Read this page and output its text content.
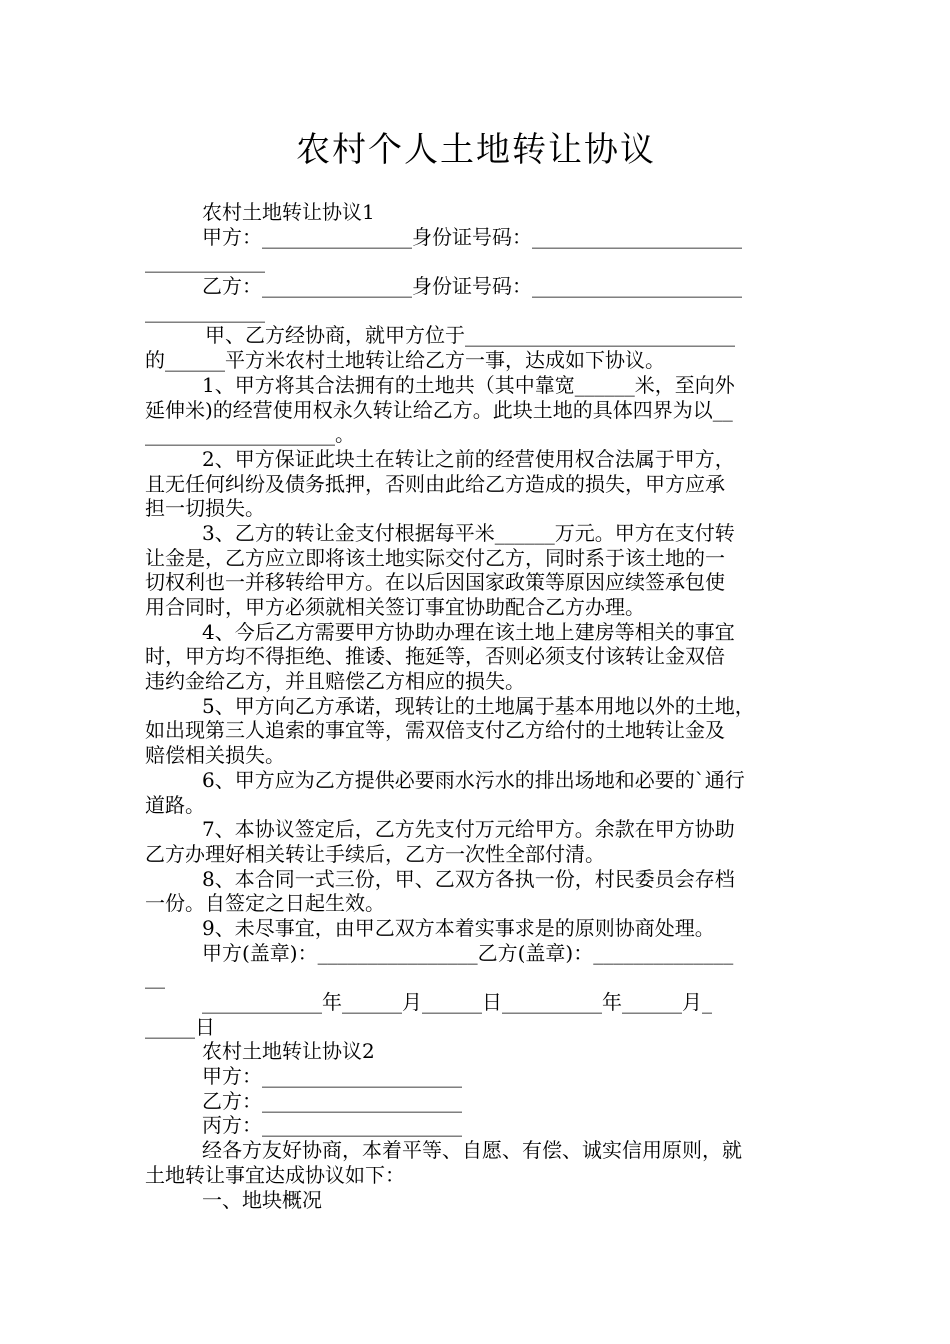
农村个人土地转让协议
农村土地转让协议1
甲方：_______________身份证号码：_____________________
____________
乙方：_______________身份证号码：_____________________
____________
甲、乙方经协商，就甲方位于___________________________
的______平方米农村土地转让给乙方一事，达成如下协议。
1、甲方将其合法拥有的土地共（其中靠宽______米，至向外
延伸米)的经营使用权永久转让给乙方。此块土地的具体四界为以__
___________________。
2、甲方保证此块土在转让之前的经营使用权合法属于甲方，
且无任何纠纷及债务抵押，否则由此给乙方造成的损失，甲方应承
担一切损失。
3、乙方的转让金支付根据每平米______万元。甲方在支付转
让金是，乙方应立即将该土地实际交付乙方，同时系于该土地的一
切权利也一并移转给甲方。在以后因国家政策等原因应续签承包使
用合同时，甲方必须就相关签订事宜协助配合乙方办理。
4、今后乙方需要甲方协助办理在该土地上建房等相关的事宜
时，甲方均不得拒绝、推诿、拖延等，否则必须支付该转让金双倍
违约金给乙方，并且赔偿乙方相应的损失。
5、甲方向乙方承诺，现转让的土地属于基本用地以外的土地，
如出现第三人追索的事宜等，需双倍支付乙方给付的土地转让金及
赔偿相关损失。
6、甲方应为乙方提供必要雨水污水的排出场地和必要的`通行
道路。
7、本协议签定后，乙方先支付万元给甲方。余款在甲方协助
乙方办理好相关转让手续后，乙方一次性全部付清。
8、本合同一式三份，甲、乙双方各执一份，村民委员会存档
一份。自签定之日起生效。
9、未尽事宜，由甲乙双方本着实事求是的原则协商处理。
甲方(盖章)：________________乙方(盖章)：______________
__
____________年______月______日__________年______月_
_____日
农村土地转让协议2
甲方：____________________
乙方：____________________
丙方：____________________
经各方友好协商，本着平等、自愿、有偿、诚实信用原则，就
土地转让事宜达成协议如下：
一、地块概况
